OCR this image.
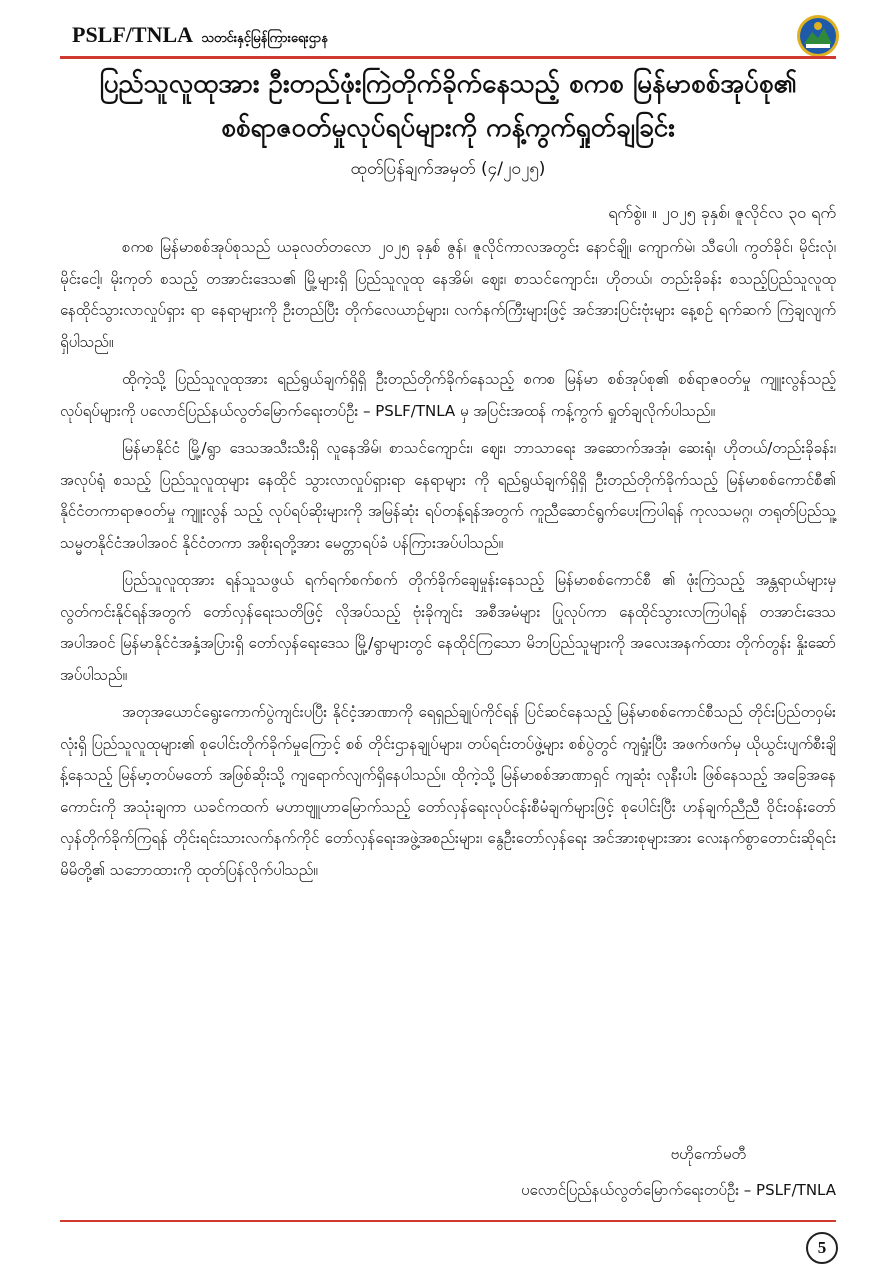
PSLF/TNLA သတင်းနှင့်မြန်ကြားရေးဌာန
ပြည်သူလူထုအား ဦးတည်ဖုံးကြဲတိုက်ခိုက်နေသည့် စကစ မြန်မာစစ်အုပ်စု၏
စစ်ရာဇဝတ်မှုလုပ်ရပ်များကို ကန့်ကွက်ရှုတ်ချခြင်း
ထုတ်ပြန်ချက်အမှတ် (၄/၂၀၂၅)
ရက်စွဲ။ ။ ၂၀၂၅ ခုနှစ်၊ ဇူလိုင်လ ၃၀ ရက်

စကစ မြန်မာစစ်အုပ်စုသည် ယခုလတ်တလော ၂၀၂၅ ခုနှစ် ဇွန်၊ ဇူလိုင်ကာလအတွင်း နောင်ချို၊ ကျောက်မဲ၊ သီပေါ၊ ကွတ်ခိုင်၊ မိုင်းလုံ၊ မိုင်းငေါ့၊ မိုးကုတ် စသည့် တအာင်းဒေသ၏ မြို့များရှိ ပြည်သူလူထု နေအိမ်၊ ဈေး၊ စာသင်ကျောင်း၊ ဟိုတယ်၊ တည်းခိုခန်း စသည့်ပြည်သူလူထု နေထိုင်သွားလာလှုပ်ရှား ရာ နေရာများကို ဦးတည်ပြီး တိုက်လေယာဉ်များ၊ လက်နက်ကြီးများဖြင့် အင်အားပြင်းဗုံးများ နေ့စဉ် ရက်ဆက် ကြဲချလျက်ရှိပါသည်။

ထိုကဲ့သို့ ပြည်သူလူထုအား ရည်ရွယ်ချက်ရှိရှိ ဦးတည်တိုက်ခိုက်နေသည့် စကစ မြန်မာ စစ်အုပ်စု၏ စစ်ရာဇဝတ်မှု ကျူးလွန်သည့် လုပ်ရပ်များကို ပလောင်ပြည်နယ်လွတ်မြောက်ရေးတပ်ဦး – PSLF/TNLA မှ အပြင်းအထန် ကန့်ကွက် ရှုတ်ချလိုက်ပါသည်။

မြန်မာနိုင်ငံ မြို့/ရွာ ဒေသအသီးသီးရှိ လူနေအိမ်၊ စာသင်ကျောင်း၊ ဈေး၊ ဘာသာရေး အဆောက်အအုံ၊ ဆေးရုံ၊ ဟိုတယ်/တည်းခိုခန်း၊ အလုပ်ရုံ စသည့် ပြည်သူလူထုများ နေထိုင် သွားလာလှုပ်ရှားရာ နေရာများ ကို ရည်ရွယ်ချက်ရှိရှိ ဦးတည်တိုက်ခိုက်သည့် မြန်မာစစ်ကောင်စီ၏ နိုင်ငံတကာရာဇဝတ်မှု ကျူးလွန် သည့် လုပ်ရပ်ဆိုးများကို အမြန်ဆုံး ရပ်တန့်ရန်အတွက် ကူညီဆောင်ရွက်ပေးကြပါရန် ကုလသမဂ္ဂ၊ တရုတ်ပြည်သူ့သမ္မတနိုင်ငံအပါအဝင် နိုင်ငံတကာ အစိုးရတို့အား မေတ္တာရပ်ခံ ပန်ကြားအပ်ပါသည်။

ပြည်သူလူထုအား ရန်သူသဖွယ် ရက်ရက်စက်စက် တိုက်ခိုက်ချေမှုန်းနေသည့် မြန်မာစစ်ကောင်စီ ၏ ဖုံးကြဲသည့် အန္တရာယ်များမှ လွတ်ကင်းနိုင်ရန်အတွက် တော်လှန်ရေးသတိဖြင့် လိုအပ်သည့် ဗုံးခိုကျင်း အစီအမံများ ပြုလုပ်ကာ နေထိုင်သွားလာကြပါရန် တအာင်းဒေသအပါအဝင် မြန်မာနိုင်ငံအနှံ့အပြားရှိ တော်လှန်ရေးဒေသ မြို့/ရွာများတွင် နေထိုင်ကြသော မိဘပြည်သူများကို အလေးအနက်ထား တိုက်တွန်း နှိုးဆော်အပ်ပါသည်။

အတုအယောင်ရွေးကောက်ပွဲကျင်းပပြီး နိုင်ငံ့အာဏာကို ရေရှည်ချုပ်ကိုင်ရန် ပြင်ဆင်နေသည့် မြန်မာစစ်ကောင်စီသည် တိုင်းပြည်တဝှမ်းလုံးရှိ ပြည်သူလူထုများ၏ စုပေါင်းတိုက်ခိုက်မှုကြောင့် စစ် တိုင်းဌာနချုပ်များ၊ တပ်ရင်းတပ်ဖွဲ့များ စစ်ပွဲတွင် ကျရှုံးပြီး အဖက်ဖက်မှ ယိုယွင်းပျက်စီးချိန့်နေသည့် မြန်မာ့တပ်မတော် အဖြစ်ဆိုးသို့ ကျရောက်လျက်ရှိနေပါသည်။ ထိုကဲ့သို့ မြန်မာစစ်အာဏာရှင် ကျဆုံး လုနီးပါး ဖြစ်နေသည့် အခြေအနေကောင်းကို အသုံးချကာ ယခင်ကထက် မဟာဗျူဟာမြောက်သည့် တော်လှန်ရေးလုပ်ငန်းစီမံချက်များဖြင့် စုပေါင်းပြီး ဟန်ချက်ညီညီ ဝိုင်းဝန်းတော်လှန်တိုက်ခိုက်ကြရန် တိုင်းရင်းသားလက်နက်ကိုင် တော်လှန်ရေးအဖွဲ့အစည်းများ၊ နွေဦးတော်လှန်ရေး အင်အားစုများအား လေးနက်စွာတောင်းဆိုရင်း မိမိတို့၏ သဘောထားကို ထုတ်ပြန်လိုက်ပါသည်။

ဗဟိုကော်မတီ
ပလောင်ပြည်နယ်လွတ်မြောက်ရေးတပ်ဦး – PSLF/TNLA
5
